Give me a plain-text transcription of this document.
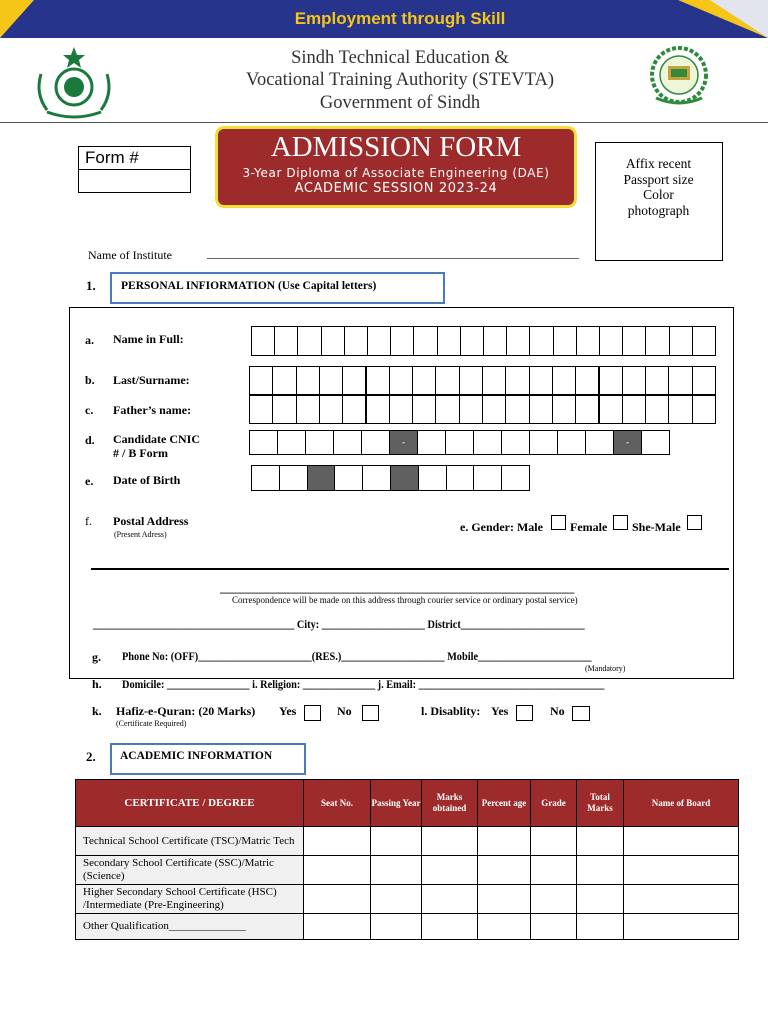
Employment through Skill
Sindh Technical Education &
Vocational Training Authority (STEVTA)
Government of Sindh
Form #	ADMISSION FORM
3-Year Diploma of Associate Engineering (DAE)
ACADEMIC SESSION 2023-24
Affix recent
Passport size
Color
photograph
Name of Institute	______________________________________________________________
1. PERSONAL INFIORMATION (Use Capital letters)
a. Name in Full:
b. Last/Surname:
c. Father’s name:
d. Candidate CNIC
# / B Form
-	-
e. Date of Birth
f. Postal Address
(Present Adress)
e. Gender: Male Female She-Male
________________________________________________________________________
Correspondence will be made on this address through courier service or ordinary postal service)
_______________________________________ City: ____________________ District________________________
g. Phone No: (OFF)______________________(RES.)____________________ Mobile______________________
(Mandatory)
h. Domicile: ________________ i. Religion: ______________ j. Email: ____________________________________
k. Hafiz-e-Quran: (20 Marks) Yes	No
(Certificate Required)
l. Disablity: Yes	No
2. ACADEMIC INFORMATION
CERTIFICATE / DEGREE	Seat No.	Passing Year	Marks obtained	Percent age	Grade	Total Marks	Name of Board
Technical School Certificate (TSC)/Matric Tech							
Secondary School Certificate (SSC)/Matric (Science)							
Higher Secondary School Certificate (HSC) /Intermediate (Pre-Engineering)							
Other Qualification______________							
